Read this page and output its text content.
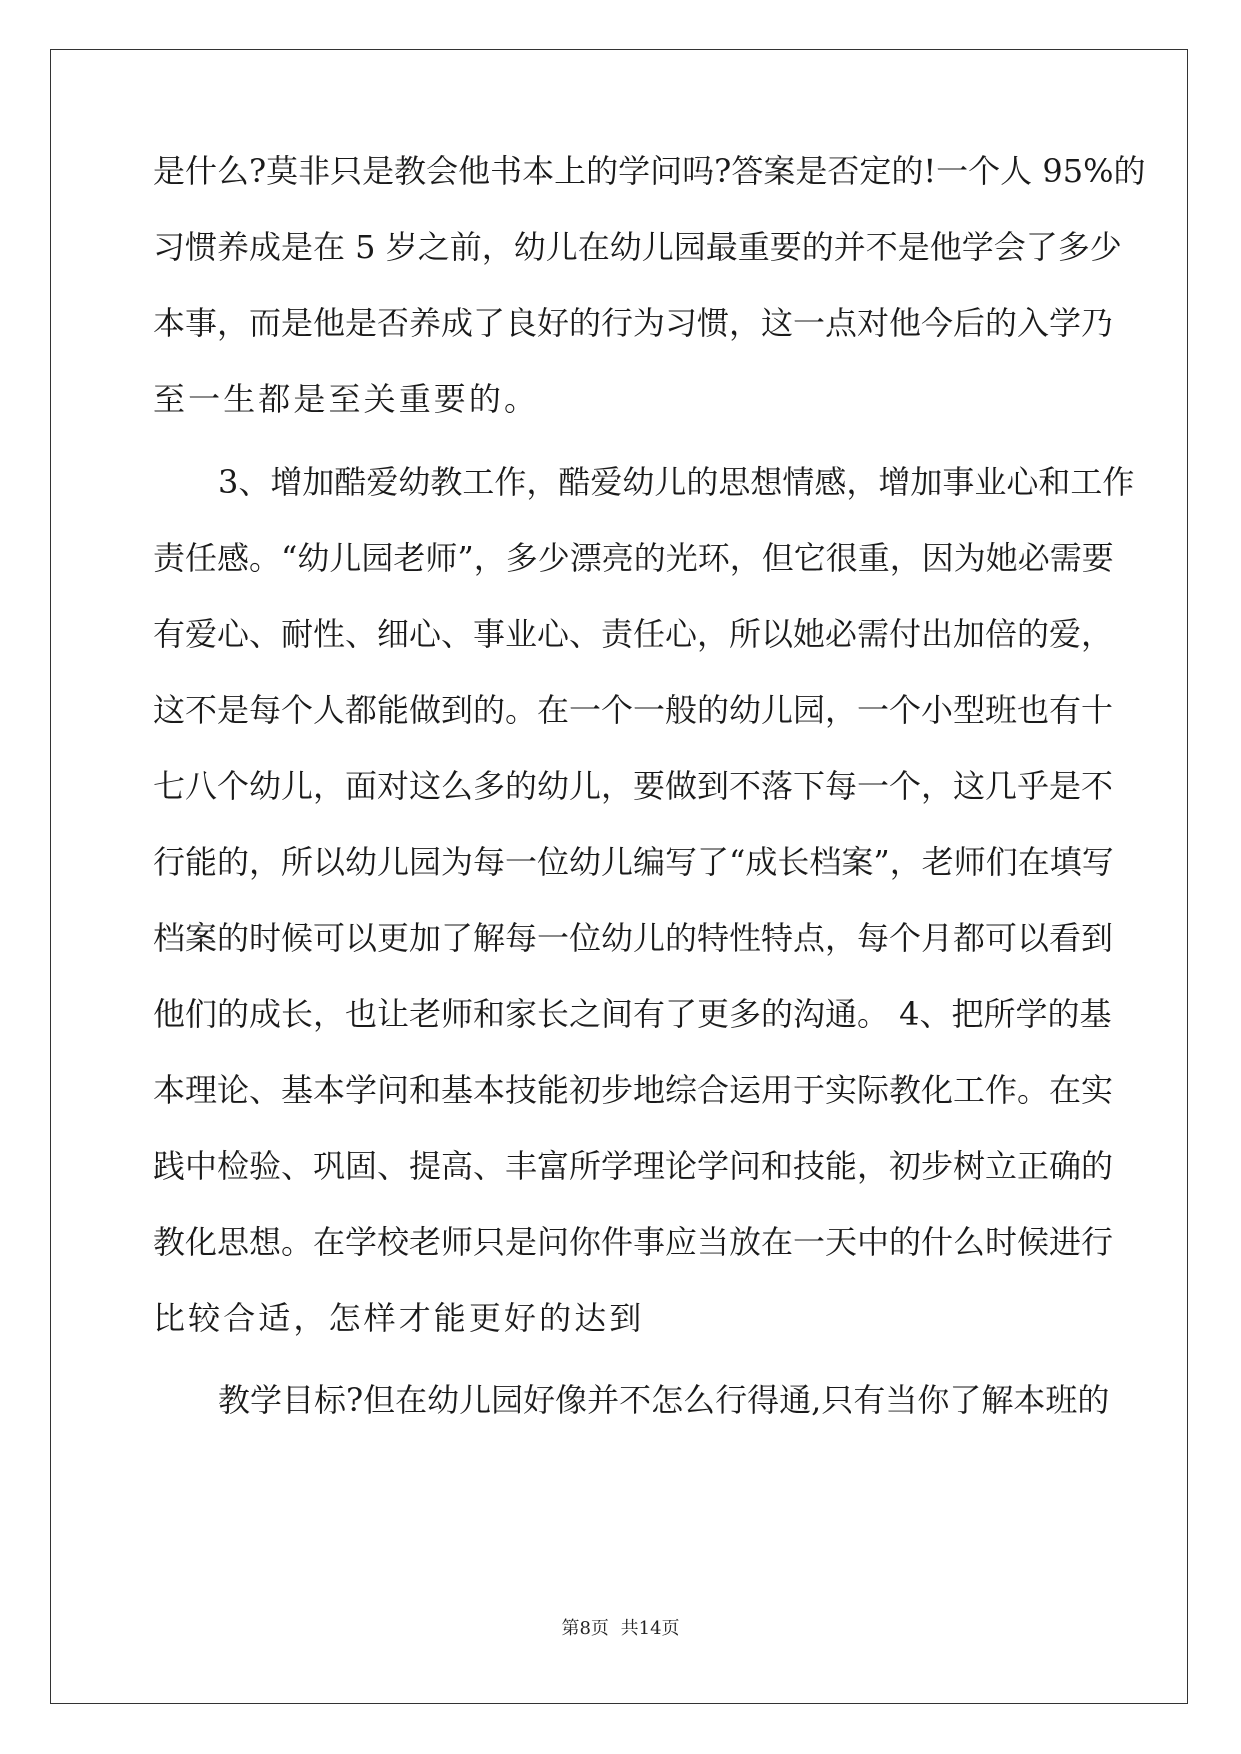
是什么?莫非只是教会他书本上的学问吗?答案是否定的!一个人 95%的
习惯养成是在 5 岁之前，幼儿在幼儿园最重要的并不是他学会了多少
本事，而是他是否养成了良好的行为习惯，这一点对他今后的入学乃
至一生都是至关重要的。
3、增加酷爱幼教工作，酷爱幼儿的思想情感，增加事业心和工作
责任感。“幼儿园老师”，多少漂亮的光环，但它很重，因为她必需要
有爱心、耐性、细心、事业心、责任心，所以她必需付出加倍的爱，
这不是每个人都能做到的。在一个一般的幼儿园，一个小型班也有十
七八个幼儿，面对这么多的幼儿，要做到不落下每一个，这几乎是不
行能的，所以幼儿园为每一位幼儿编写了“成长档案”，老师们在填写
档案的时候可以更加了解每一位幼儿的特性特点，每个月都可以看到
他们的成长，也让老师和家长之间有了更多的沟通。 4、把所学的基
本理论、基本学问和基本技能初步地综合运用于实际教化工作。在实
践中检验、巩固、提高、丰富所学理论学问和技能，初步树立正确的
教化思想。在学校老师只是问你件事应当放在一天中的什么时候进行
比较合适，怎样才能更好的达到
教学目标?但在幼儿园好像并不怎么行得通,只有当你了解本班的
第8页 共14页
